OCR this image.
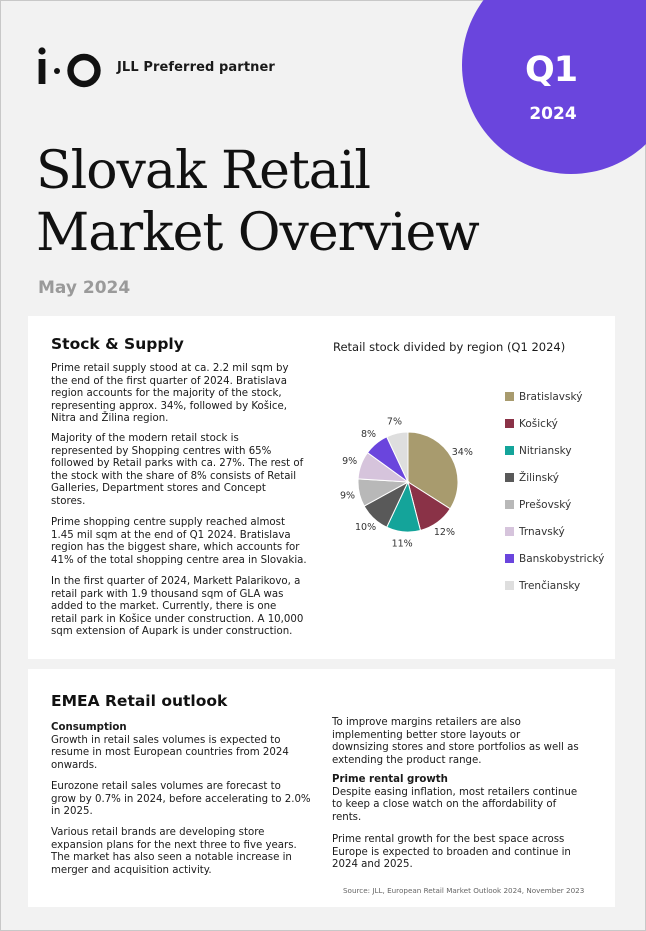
JLL Preferred partner	Q1
2024
Slovak Retail
Market Overview
May 2024
Stock & Supply
Prime retail supply stood at ca. 2.2 mil sqm by
the end of the first quarter of 2024. Bratislava
region accounts for the majority of the stock,
representing approx. 34%, followed by Košice,
Nitra and Žilina region.
Majority of the modern retail stock is
represented by Shopping centres with 65%
followed by Retail parks with ca. 27%. The rest of
the stock with the share of 8% consists of Retail
Galleries, Department stores and Concept
stores.
Prime shopping centre supply reached almost
1.45 mil sqm at the end of Q1 2024. Bratislava
region has the biggest share, which accounts for
41% of the total shopping centre area in Slovakia.
In the first quarter of 2024, Markett Palarikovo, a
retail park with 1.9 thousand sqm of GLA was
added to the market. Currently, there is one
retail park in Košice under construction. A 10,000
sqm extension of Aupark is under construction.
Retail stock divided by region (Q1 2024)
34%
12%
11%
10%
9%
9%
8%
7%
Bratislavský
Košický
Nitriansky
Žilinský
Prešovský
Trnavský
Banskobystrický
Trenčiansky
EMEA Retail outlook
Consumption
Growth in retail sales volumes is expected to
resume in most European countries from 2024
onwards.
Eurozone retail sales volumes are forecast to
grow by 0.7% in 2024, before accelerating to 2.0%
in 2025.
Various retail brands are developing store
expansion plans for the next three to five years.
The market has also seen a notable increase in
merger and acquisition activity.
To improve margins retailers are also
implementing better store layouts or
downsizing stores and store portfolios as well as
extending the product range.
Prime rental growth
Despite easing inflation, most retailers continue
to keep a close watch on the affordability of
rents.
Prime rental growth for the best space across
Europe is expected to broaden and continue in
2024 and 2025.
Source: JLL, European Retail Market Outlook 2024, November 2023
